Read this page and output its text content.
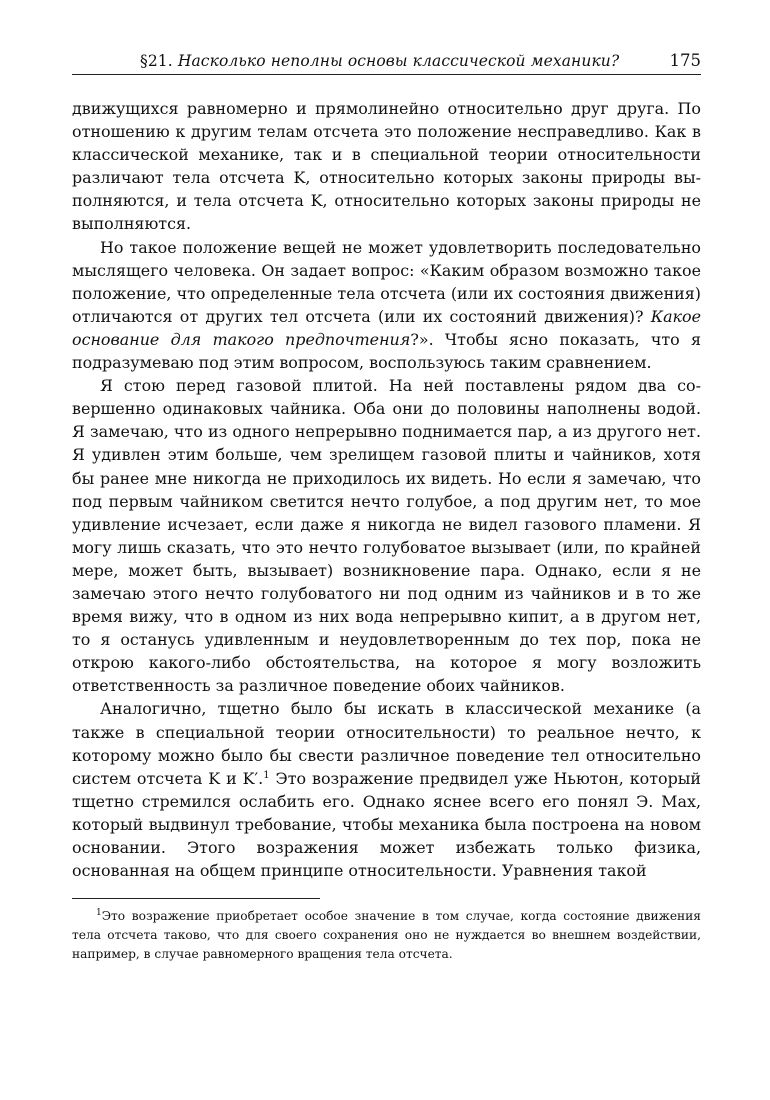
§21. Насколько неполны основы классической механики?	175

движущихся равномерно и прямолинейно относительно друг друга. По отношению к другим телам отсчета это положение несправедливо. Как в классической механике, так и в специальной теории относительности различают тела отсчета K, относительно которых законы природы выполняются, и тела отсчета K, относительно которых законы природы не выполняются.

Но такое положение вещей не может удовлетворить последовательно мыслящего человека. Он задает вопрос: «Каким образом возможно такое положение, что определенные тела отсчета (или их состояния движения) отличаются от других тел отсчета (или их состояний движения)? Какое основание для такого предпочтения?». Чтобы ясно показать, что я подразумеваю под этим вопросом, воспользуюсь таким сравнением.

Я стою перед газовой плитой. На ней поставлены рядом два совершенно одинаковых чайника. Оба они до половины наполнены водой. Я замечаю, что из одного непрерывно поднимается пар, а из другого нет. Я удивлен этим больше, чем зрелищем газовой плиты и чайников, хотя бы ранее мне никогда не приходилось их видеть. Но если я замечаю, что под первым чайником светится нечто голубое, а под другим нет, то мое удивление исчезает, если даже я никогда не видел газового пламени. Я могу лишь сказать, что это нечто голубоватое вызывает (или, по крайней мере, может быть, вызывает) возникновение пара. Однако, если я не замечаю этого нечто голубоватого ни под одним из чайников и в то же время вижу, что в одном из них вода непрерывно кипит, а в другом нет, то я останусь удивленным и неудовлетворенным до тех пор, пока не открою какого-либо обстоятельства, на которое я могу возложить ответственность за различное поведение обоих чайников.

Аналогично, тщетно было бы искать в классической механике (а также в специальной теории относительности) то реальное нечто, к которому можно было бы свести различное поведение тел относительно систем отсчета K и K′.$^1$ Это возражение предвидел уже Ньютон, который тщетно стремился ослабить его. Однако яснее всего его понял Э. Мах, который выдвинул требование, чтобы механика была построена на новом основании. Этого возражения может избежать только физика, основанная на общем принципе относительности. Уравнения такой

$^1$Это возражение приобретает особое значение в том случае, когда состояние движения тела отсчета таково, что для своего сохранения оно не нуждается во внешнем воздействии, например, в случае равномерного вращения тела отсчета.
